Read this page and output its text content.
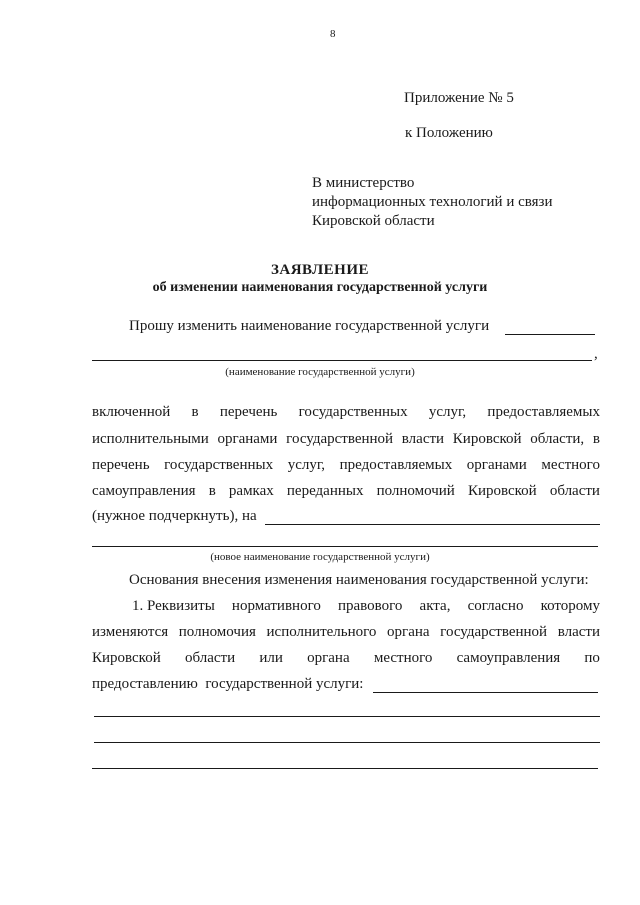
8
Приложение № 5
к Положению
В министерство
информационных технологий и связи
Кировской области
ЗАЯВЛЕНИЕ
об изменении наименования государственной услуги
Прошу изменить наименование государственной услуги
,
(наименование государственной услуги)
включенной в перечень государственных услуг, предоставляемых
исполнительными органами государственной власти Кировской области, в
перечень государственных услуг, предоставляемых органами местного
самоуправления в рамках переданных полномочий Кировской области
(нужное подчеркнуть), на
(новое наименование государственной услуги)
Основания внесения изменения наименования государственной услуги:
1. Реквизиты нормативного правового акта, согласно которому
изменяются полномочия исполнительного органа государственной власти
Кировской области или органа местного самоуправления по
предоставлению  государственной услуги:
